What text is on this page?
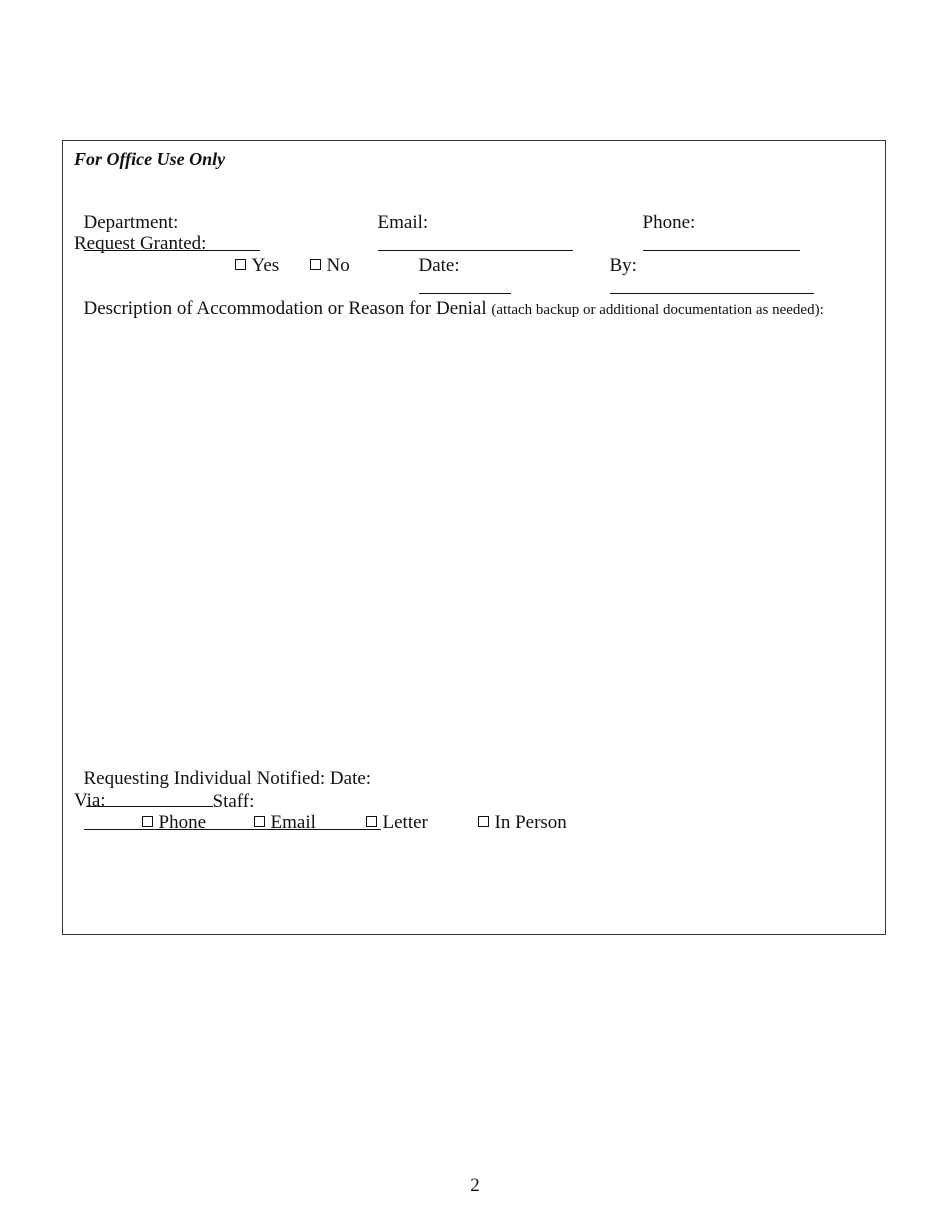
For Office Use Only

Department:
	Email:
	Phone:

Request Granted:

Yes	No	Date:
	By:

Description of Accommodation or Reason for Denial (attach backup or additional documentation as needed):

Requesting Individual Notified: Date:
Staff:

Via:

Phone	Email	Letter	In Person

2
